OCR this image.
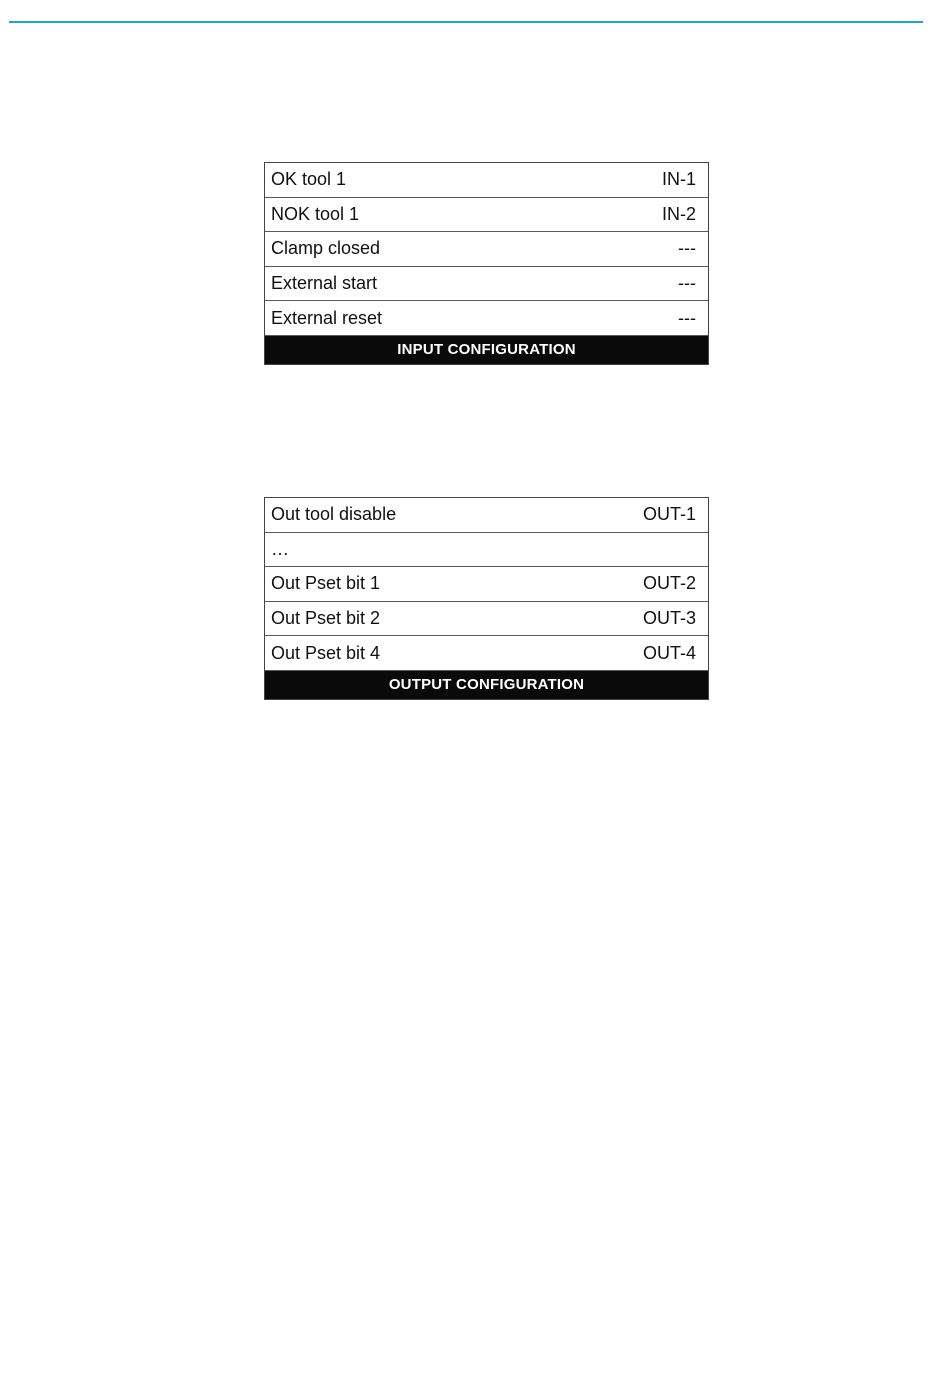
OK tool 1	IN-1
NOK tool 1	IN-2
Clamp closed	---
External start	---
External reset	---
INPUT CONFIGURATION
Out tool disable	OUT-1
…
Out Pset bit 1	OUT-2
Out Pset bit 2	OUT-3
Out Pset bit 4	OUT-4
OUTPUT CONFIGURATION
